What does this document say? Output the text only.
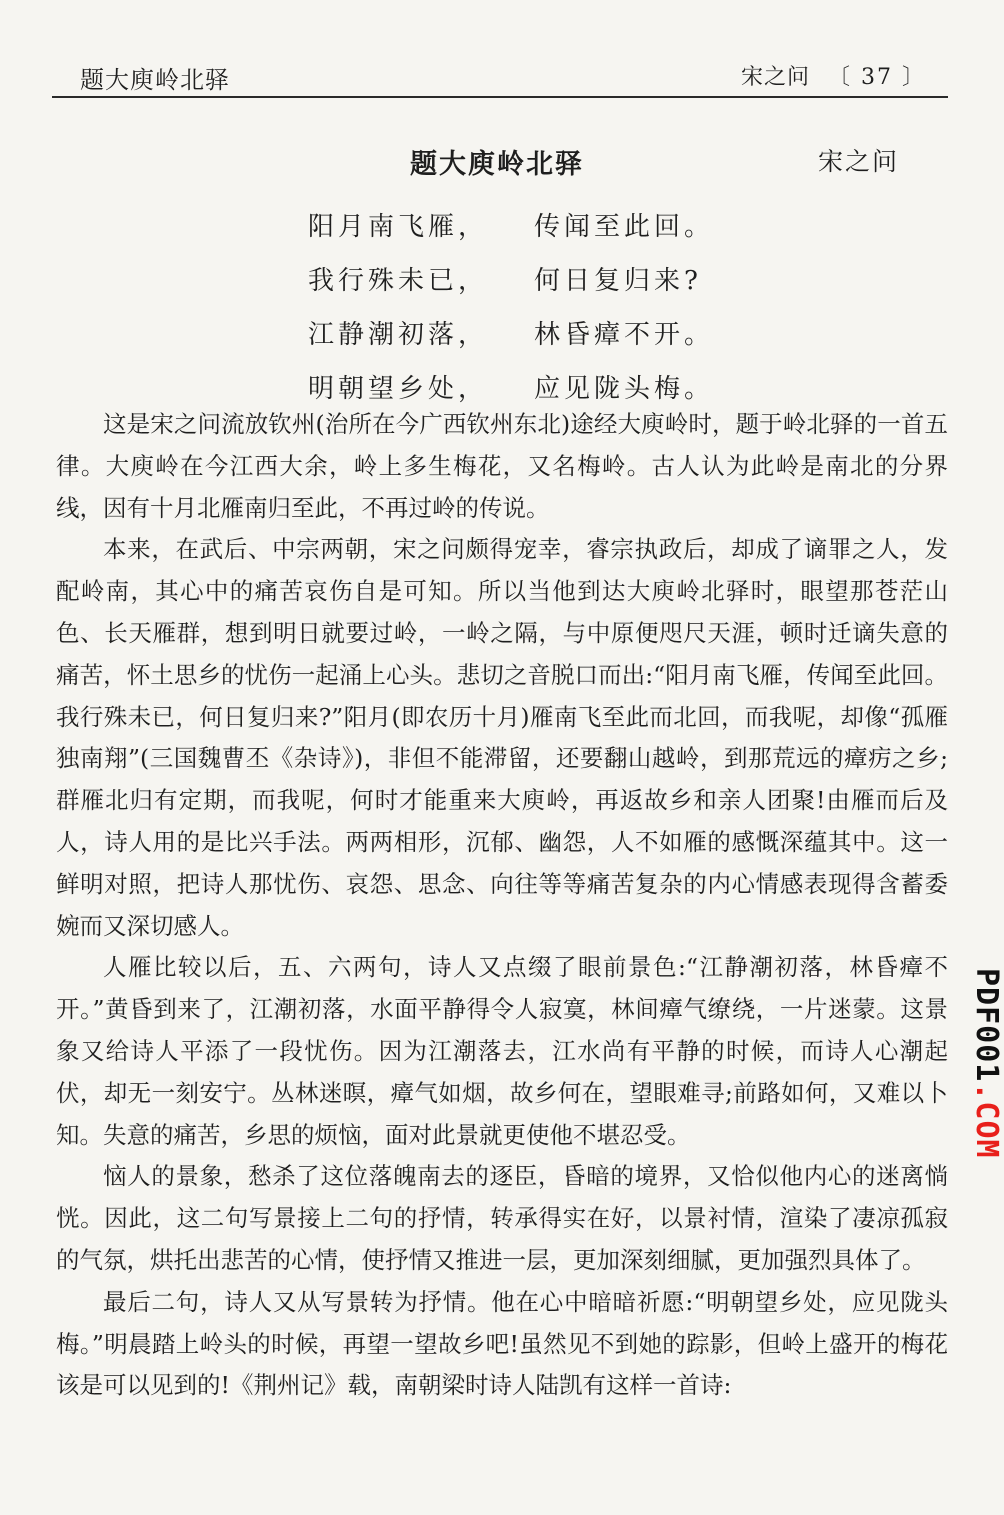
题大庾岭北驿	宋之问 〔 37 〕
题大庾岭北驿	宋之问
阳月南飞雁， 传闻至此回。
我行殊未已， 何日复归来?
江静潮初落， 林昏瘴不开。
明朝望乡处， 应见陇头梅。

这是宋之问流放钦州(治所在今广西钦州东北)途经大庾岭时，题于岭北驿的一首五律。大庾岭在今江西大余，岭上多生梅花，又名梅岭。古人认为此岭是南北的分界线，因有十月北雁南归至此，不再过岭的传说。

本来，在武后、中宗两朝，宋之问颇得宠幸，睿宗执政后，却成了谪罪之人，发配岭南，其心中的痛苦哀伤自是可知。所以当他到达大庾岭北驿时，眼望那苍茫山色、长天雁群，想到明日就要过岭，一岭之隔，与中原便咫尺天涯，顿时迁谪失意的痛苦，怀土思乡的忧伤一起涌上心头。悲切之音脱口而出:“阳月南飞雁，传闻至此回。我行殊未已，何日复归来?”阳月(即农历十月)雁南飞至此而北回，而我呢，却像“孤雁独南翔”(三国魏曹丕《杂诗》)，非但不能滞留，还要翻山越岭，到那荒远的瘴疠之乡;群雁北归有定期，而我呢，何时才能重来大庾岭，再返故乡和亲人团聚!由雁而后及人，诗人用的是比兴手法。两两相形，沉郁、幽怨，人不如雁的感慨深蕴其中。这一鲜明对照，把诗人那忧伤、哀怨、思念、向往等等痛苦复杂的内心情感表现得含蓄委婉而又深切感人。

人雁比较以后，五、六两句，诗人又点缀了眼前景色:“江静潮初落，林昏瘴不开。”黄昏到来了，江潮初落，水面平静得令人寂寞，林间瘴气缭绕，一片迷蒙。这景象又给诗人平添了一段忧伤。因为江潮落去，江水尚有平静的时候，而诗人心潮起伏，却无一刻安宁。丛林迷暝，瘴气如烟，故乡何在，望眼难寻;前路如何，又难以卜知。失意的痛苦，乡思的烦恼，面对此景就更使他不堪忍受。

恼人的景象，愁杀了这位落魄南去的逐臣，昏暗的境界，又恰似他内心的迷离惝恍。因此，这二句写景接上二句的抒情，转承得实在好，以景衬情，渲染了凄凉孤寂的气氛，烘托出悲苦的心情，使抒情又推进一层，更加深刻细腻，更加强烈具体了。

最后二句，诗人又从写景转为抒情。他在心中暗暗祈愿:“明朝望乡处，应见陇头梅。”明晨踏上岭头的时候，再望一望故乡吧!虽然见不到她的踪影，但岭上盛开的梅花该是可以见到的!《荆州记》载，南朝梁时诗人陆凯有这样一首诗:

PDF001.COM
